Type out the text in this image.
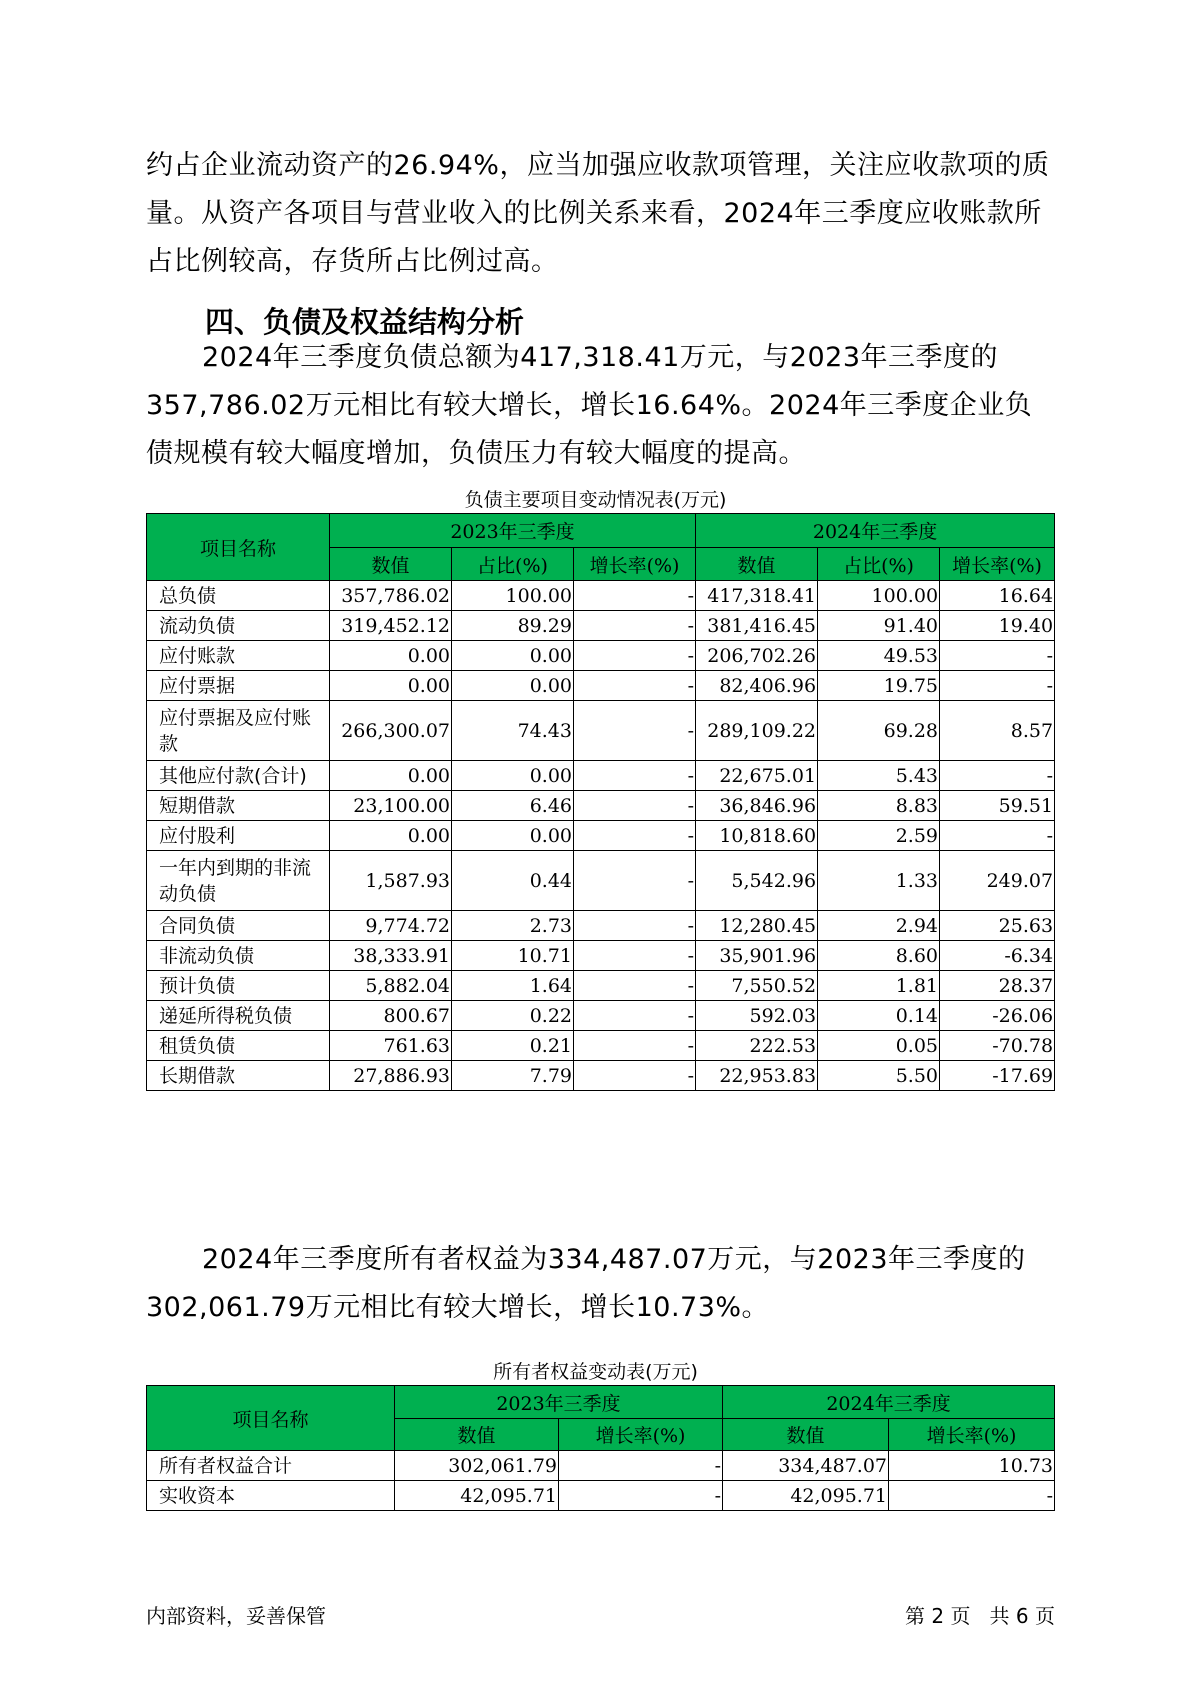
约占企业流动资产的26.94%，应当加强应收款项管理，关注应收款项的质量。从资产各项目与营业收入的比例关系来看，2024年三季度应收账款所占比例较高，存货所占比例过高。
四、负债及权益结构分析
2024年三季度负债总额为417,318.41万元，与2023年三季度的357,786.02万元相比有较大增长，增长16.64%。2024年三季度企业负债规模有较大幅度增加，负债压力有较大幅度的提高。
负债主要项目变动情况表(万元)
项目名称	2023年三季度			2024年三季度		
	数值	占比(%)	增长率(%)	数值	占比(%)	增长率(%)
总负债	357,786.02	100.00	-	417,318.41	100.00	16.64
流动负债	319,452.12	89.29	-	381,416.45	91.40	19.40
应付账款	0.00	0.00	-	206,702.26	49.53	-
应付票据	0.00	0.00	-	82,406.96	19.75	-
应付票据及应付账款	266,300.07	74.43	-	289,109.22	69.28	8.57
其他应付款(合计)	0.00	0.00	-	22,675.01	5.43	-
短期借款	23,100.00	6.46	-	36,846.96	8.83	59.51
应付股利	0.00	0.00	-	10,818.60	2.59	-
一年内到期的非流动负债	1,587.93	0.44	-	5,542.96	1.33	249.07
合同负债	9,774.72	2.73	-	12,280.45	2.94	25.63
非流动负债	38,333.91	10.71	-	35,901.96	8.60	-6.34
预计负债	5,882.04	1.64	-	7,550.52	1.81	28.37
递延所得税负债	800.67	0.22	-	592.03	0.14	-26.06
租赁负债	761.63	0.21	-	222.53	0.05	-70.78
长期借款	27,886.93	7.79	-	22,953.83	5.50	-17.69
2024年三季度所有者权益为334,487.07万元，与2023年三季度的302,061.79万元相比有较大增长，增长10.73%。
所有者权益变动表(万元)
项目名称	2023年三季度		2024年三季度	
	数值	增长率(%)	数值	增长率(%)
所有者权益合计	302,061.79	-	334,487.07	10.73
实收资本	42,095.71	-	42,095.71	-
内部资料，妥善保管	第 2 页   共 6 页
